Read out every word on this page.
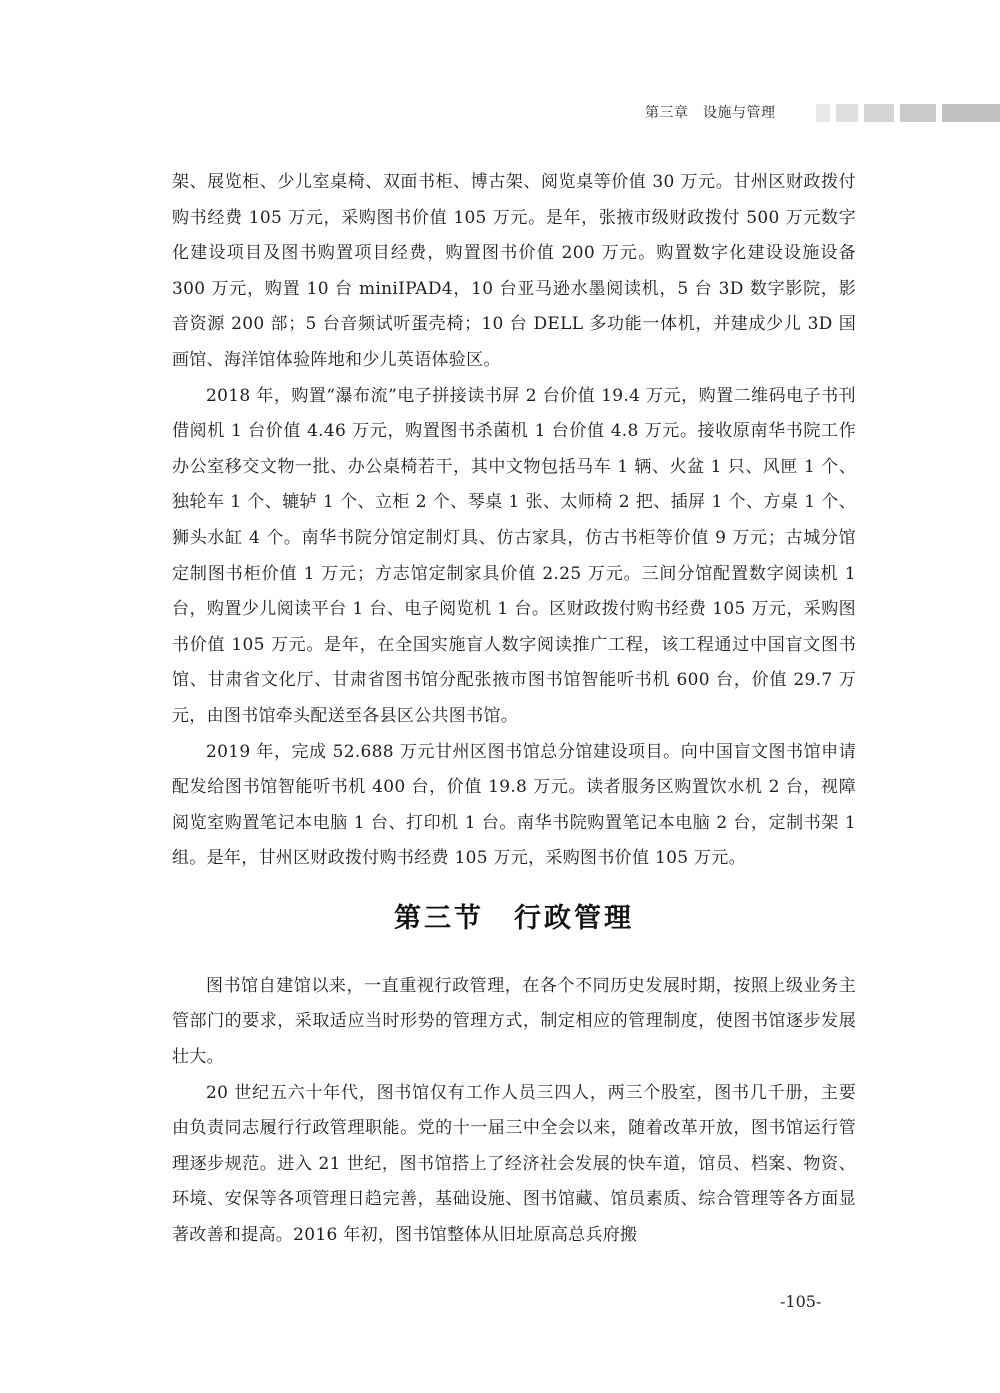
第三章　设施与管理

架、展览柜、少儿室桌椅、双面书柜、博古架、阅览桌等价值 30 万元。甘州区财政拨付购书经费 105 万元，采购图书价值 105 万元。是年，张掖市级财政拨付 500 万元数字化建设项目及图书购置项目经费，购置图书价值 200 万元。购置数字化建设设施设备 300 万元，购置 10 台 miniIPAD4，10 台亚马逊水墨阅读机，5 台 3D 数字影院，影音资源 200 部；5 台音频试听蛋壳椅；10 台 DELL 多功能一体机，并建成少儿 3D 国画馆、海洋馆体验阵地和少儿英语体验区。

2018 年，购置“瀑布流”电子拼接读书屏 2 台价值 19.4 万元，购置二维码电子书刊借阅机 1 台价值 4.46 万元，购置图书杀菌机 1 台价值 4.8 万元。接收原南华书院工作办公室移交文物一批、办公桌椅若干，其中文物包括马车 1 辆、火盆 1 只、风匣 1 个、独轮车 1 个、辘轳 1 个、立柜 2 个、琴桌 1 张、太师椅 2 把、插屏 1 个、方桌 1 个、狮头水缸 4 个。南华书院分馆定制灯具、仿古家具，仿古书柜等价值 9 万元；古城分馆定制图书柜价值 1 万元；方志馆定制家具价值 2.25 万元。三间分馆配置数字阅读机 1 台，购置少儿阅读平台 1 台、电子阅览机 1 台。区财政拨付购书经费 105 万元，采购图书价值 105 万元。是年，在全国实施盲人数字阅读推广工程，该工程通过中国盲文图书馆、甘肃省文化厅、甘肃省图书馆分配张掖市图书馆智能听书机 600 台，价值 29.7 万元，由图书馆牵头配送至各县区公共图书馆。

2019 年，完成 52.688 万元甘州区图书馆总分馆建设项目。向中国盲文图书馆申请配发给图书馆智能听书机 400 台，价值 19.8 万元。读者服务区购置饮水机 2 台，视障阅览室购置笔记本电脑 1 台、打印机 1 台。南华书院购置笔记本电脑 2 台，定制书架 1 组。是年，甘州区财政拨付购书经费 105 万元，采购图书价值 105 万元。

第三节　行政管理

图书馆自建馆以来，一直重视行政管理，在各个不同历史发展时期，按照上级业务主管部门的要求，采取适应当时形势的管理方式，制定相应的管理制度，使图书馆逐步发展壮大。

20 世纪五六十年代，图书馆仅有工作人员三四人，两三个股室，图书几千册，主要由负责同志履行行政管理职能。党的十一届三中全会以来，随着改革开放，图书馆运行管理逐步规范。进入 21 世纪，图书馆搭上了经济社会发展的快车道，馆员、档案、物资、环境、安保等各项管理日趋完善，基础设施、图书馆藏、馆员素质、综合管理等各方面显著改善和提高。2016 年初，图书馆整体从旧址原高总兵府搬

-105-
